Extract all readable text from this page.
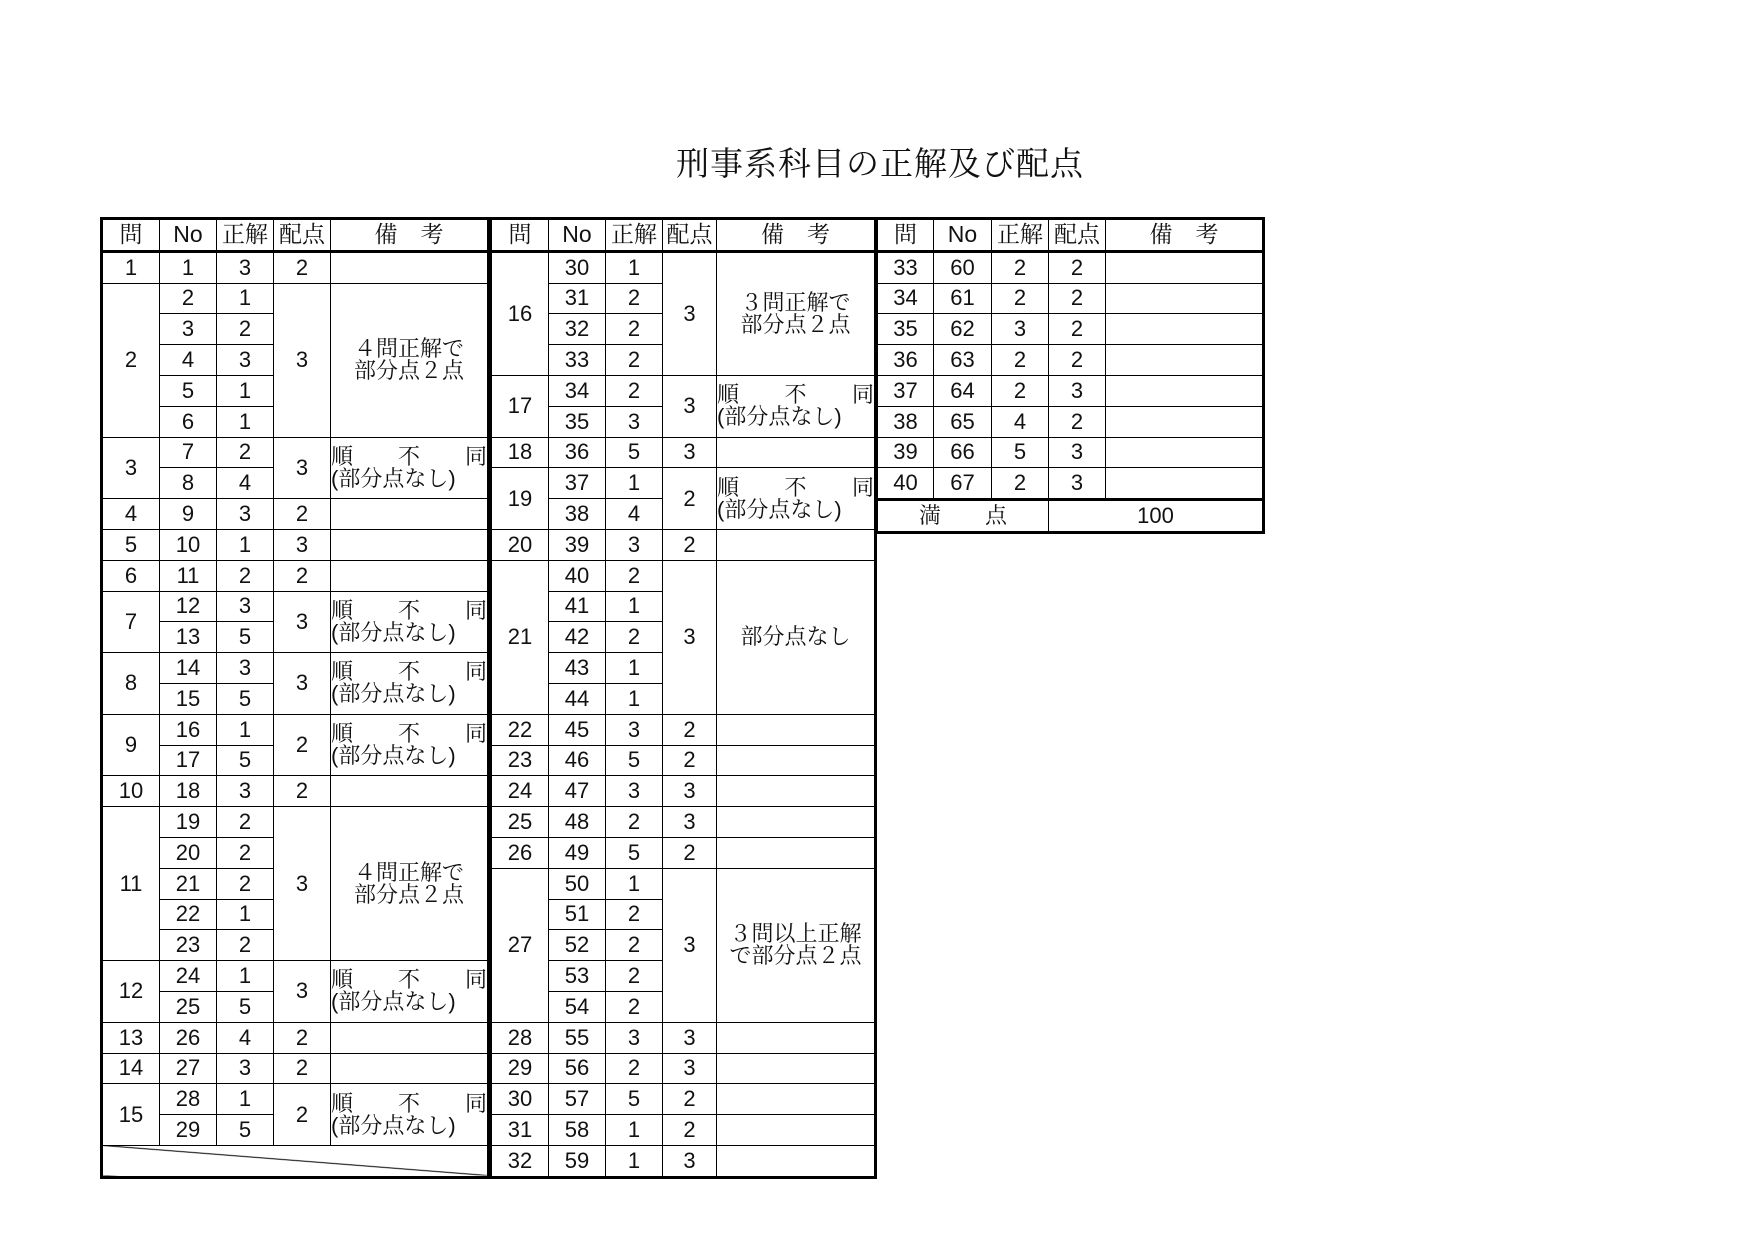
刑事系科目の正解及び配点
問	No	正解	配点	備　考
1	1	3	2	
2	2	1	3	４問正解で
部分点２点
	3	2		
	4	3		
	5	1		
	6	1		
3	7	2	3	順　不　同
(部分点なし)

	8	4		
4	9	3	2	
5	10	1	3	
6	11	2	2	
7	12	3	3	順　不　同
(部分点なし)

	13	5		
8	14	3	3	順　不　同
(部分点なし)

	15	5		
9	16	1	2	順　不　同
(部分点なし)

	17	5		
10	18	3	2	
11	19	2	3	４問正解で
部分点２点
	20	2		
	21	2		
	22	1		
	23	2		
12	24	1	3	順　不　同
(部分点なし)

	25	5		
13	26	4	2	
14	27	3	2	
15	28	1	2	順　不　同
(部分点なし)

	29	5		

問	No	正解	配点	備　考
16	30	1	3	３問正解で
部分点２点
	31	2		
	32	2		
	33	2		
17	34	2	3	順　不　同
(部分点なし)

	35	3		
18	36	5	3	
19	37	1	2	順　不　同
(部分点なし)

	38	4		
20	39	3	2	
21	40	2	3	部分点なし
	41	1		
	42	2		
	43	1		
	44	1		
22	45	3	2	
23	46	5	2	
24	47	3	3	
25	48	2	3	
26	49	5	2	
27	50	1	3	３問以上正解
で部分点２点
	51	2		
	52	2		
	53	2		
	54	2		
28	55	3	3	
29	56	2	3	
30	57	5	2	
31	58	1	2	
32	59	1	3	
問	No	正解	配点	備　考
33	60	2	2	
34	61	2	2	
35	62	3	2	
36	63	2	2	
37	64	2	3	
38	65	4	2	
39	66	5	3	
40	67	2	3	
満　　点			100	
